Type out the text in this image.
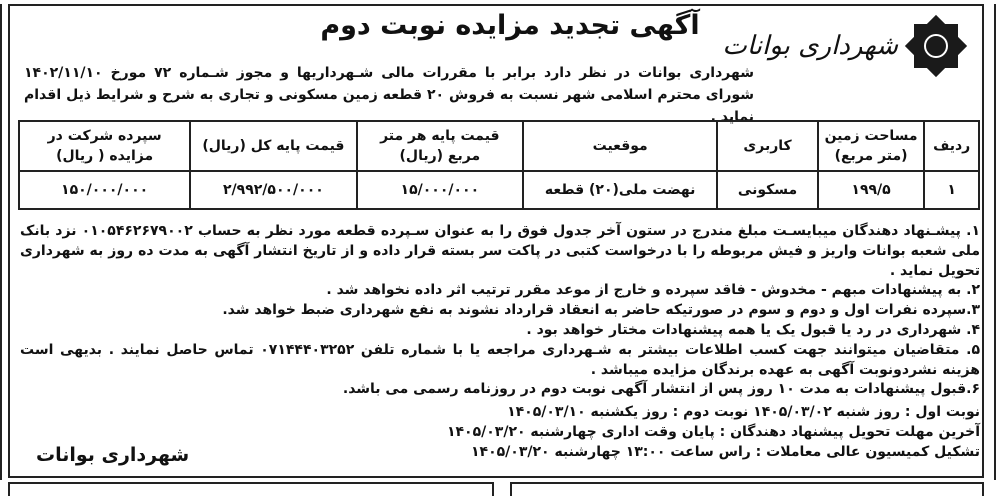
آگهی تجدید مزایده نوبت دوم
شهرداری بوانات
شهرداری بوانات در نظر دارد برابر با مقررات مالی شـهرداریها و مجوز شـماره ۷۲ مورخ ۱۴۰۲/۱۱/۱۰ شورای محترم اسلامی شهر نسبت به فروش ۲۰ قطعه زمین مسکونی و تجاری به شرح و شرایط ذیل اقدام نماید .
ردیف	مساحت زمین (متر مربع)	کاربری	موقعیت	قیمت پایه هر متر مربع (ریال)	قیمت پایه کل (ریال)	سپرده شرکت در مزایده ( ریال)
۱	۱۹۹/۵	مسکونی	نهضت ملی(۲۰) قطعه	۱۵/۰۰۰/۰۰۰	۲/۹۹۲/۵۰۰/۰۰۰	۱۵۰/۰۰۰/۰۰۰

۱. پیشـنهاد دهندگان میبایسـت مبلغ مندرج در ستون آخر جدول فوق را به عنوان سـپرده قطعه مورد نظر به حساب ۰۱۰۵۴۶۲۶۷۹۰۰۲ نزد بانک ملی شعبه بوانات واریز و فیش مربوطه را با درخواست کتبی در پاکت سر بسته قرار داده و از تاریخ انتشار آگهی به مدت ده روز به شهرداری تحویل نماید .

۲. به پیشنهادات مبهم - مخدوش - فاقد سپرده و خارج از موعد مقرر ترتیب اثر داده نخواهد شد .

۳.سپرده نفرات اول و دوم و سوم در صورتیکه حاضر به انعقاد قرارداد نشوند به نفع شهرداری ضبط خواهد شد.

۴. شهرداری در رد یا قبول یک یا همه پیشنهادات مختار خواهد بود .

۵. متقاضیان میتوانند جهت کسب اطلاعات بیشتر به شـهرداری مراجعه یا با شماره تلفن ۰۷۱۴۴۴۰۳۲۵۲ تماس حاصل نمایند . بدیهی است هزینه نشردونوبت آگهی به عهده برندگان مزایده میباشد .

۶.قبول پیشنهادات به مدت ۱۰ روز پس از انتشار آگهی نوبت دوم در روزنامه رسمی می باشد.

نوبت اول : روز شنبه ۱۴۰۵/۰۳/۰۲ نوبت دوم : روز یکشنبه ۱۴۰۵/۰۳/۱۰

آخرین مهلت تحویل پیشنهاد دهندگان : پایان وقت اداری چهارشنبه ۱۴۰۵/۰۳/۲۰

تشکیل کمیسیون عالی معاملات : راس ساعت ۱۳:۰۰ چهارشنبه ۱۴۰۵/۰۳/۲۰

شهرداری بوانات
